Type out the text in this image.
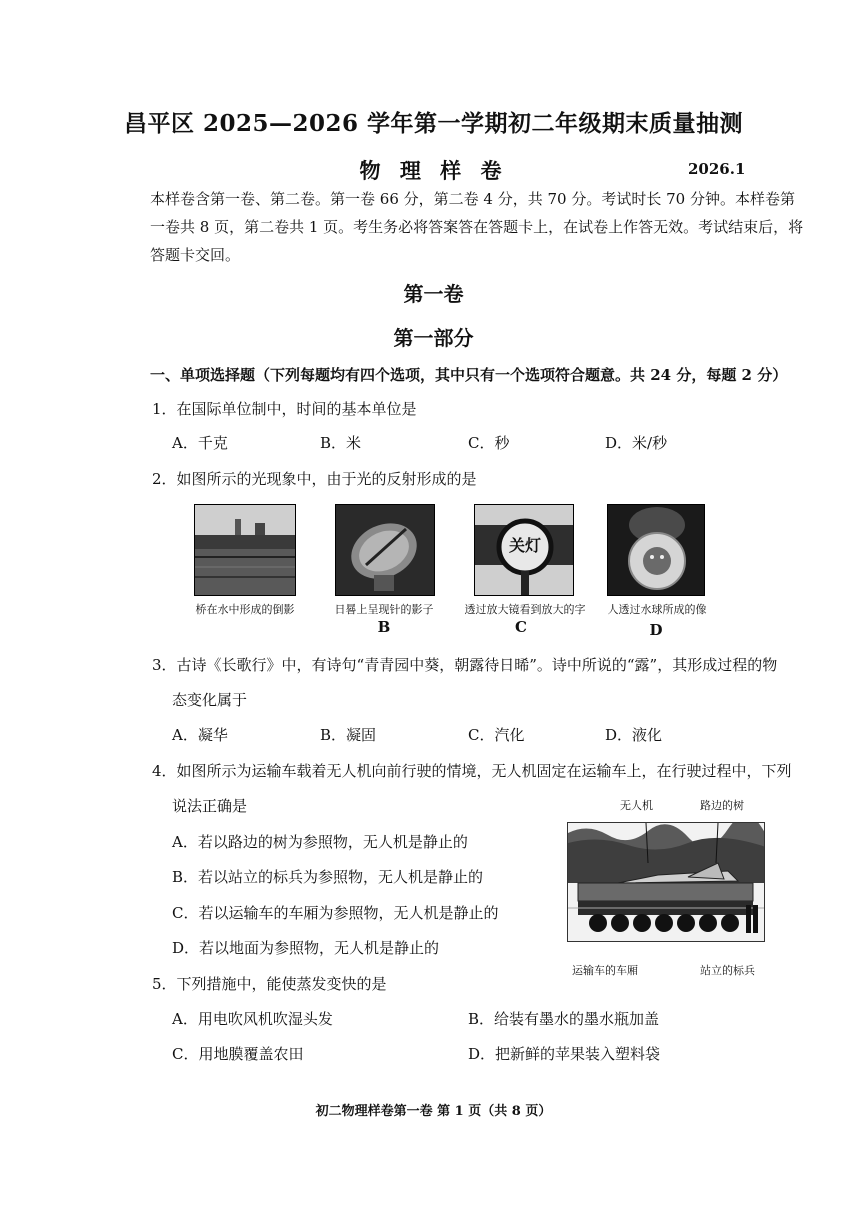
昌平区 2025—2026 学年第一学期初二年级期末质量抽测
物 理 样 卷	2026.1
本样卷含第一卷、第二卷。第一卷 66 分，第二卷 4 分，共 70 分。考试时长 70 分钟。本样卷第
一卷共 8 页，第二卷共 1 页。考生务必将答案答在答题卡上，在试卷上作答无效。考试结束后，将
答题卡交回。
第一卷
第一部分
一、单项选择题（下列每题均有四个选项，其中只有一个选项符合题意。共 24 分，每题 2 分）
1．在国际单位制中，时间的基本单位是
A．千克	B．米	C．秒	D．米/秒
2．如图所示的光现象中，由于光的反射形成的是
关灯
桥在水中形成的倒影	日晷上呈现针的影子	透过放大镜看到放大的字	人透过水球所成的像
B	C	D
3．古诗《长歌行》中，有诗句“青青园中葵，朝露待日晞”。诗中所说的“露”，其形成过程的物
态变化属于
A．凝华	B．凝固	C．汽化	D．液化
4．如图所示为运输车载着无人机向前行驶的情境，无人机固定在运输车上，在行驶过程中，下列
说法正确是
A．若以路边的树为参照物，无人机是静止的
B．若以站立的标兵为参照物，无人机是静止的
C．若以运输车的车厢为参照物，无人机是静止的
D．若以地面为参照物，无人机是静止的
无人机	路边的树
运输车的车厢	站立的标兵
5．下列措施中，能使蒸发变快的是
A．用电吹风机吹湿头发	B．给装有墨水的墨水瓶加盖
C．用地膜覆盖农田	D．把新鲜的苹果装入塑料袋
初二物理样卷第一卷 第 1 页（共 8 页）
